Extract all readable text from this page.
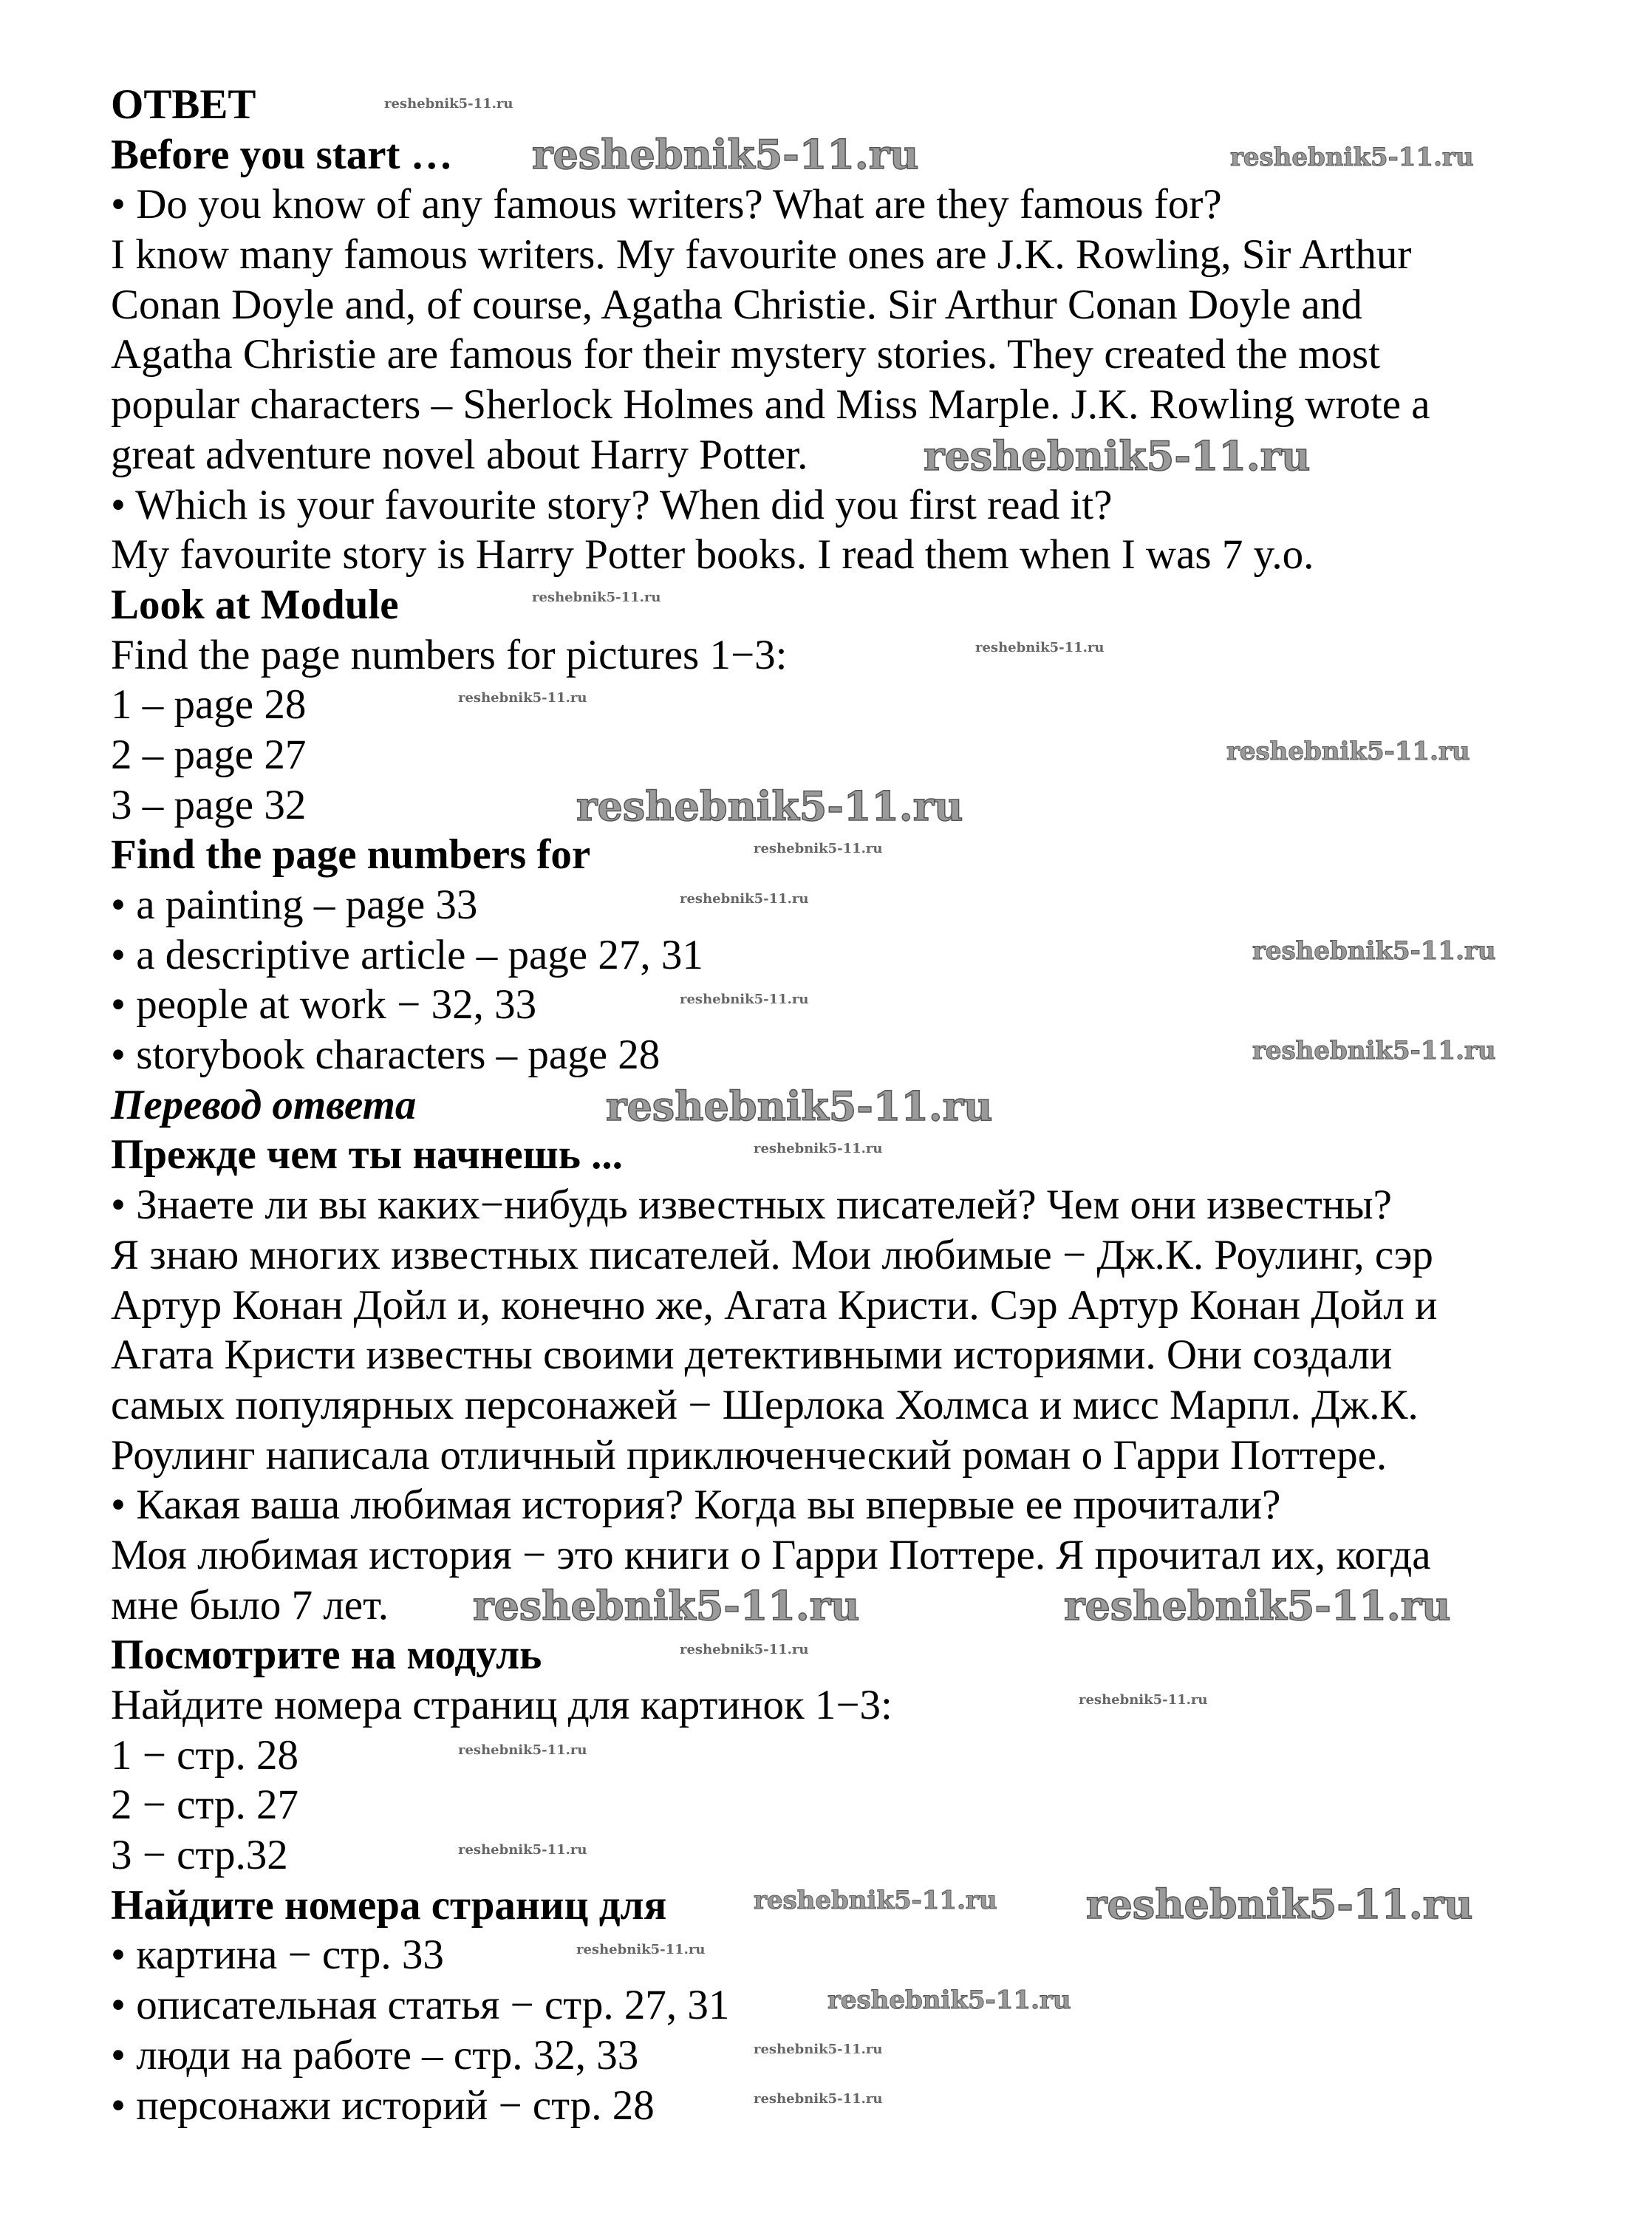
ОТВЕТ
Before you start …
• Do you know of any famous writers? What are they famous for?
I know many famous writers. My favourite ones are J.K. Rowling, Sir Arthur
Conan Doyle and, of course, Agatha Christie. Sir Arthur Conan Doyle and
Agatha Christie are famous for their mystery stories. They created the most
popular characters – Sherlock Holmes and Miss Marple. J.K. Rowling wrote a
great adventure novel about Harry Potter.
• Which is your favourite story? When did you first read it?
My favourite story is Harry Potter books. I read them when I was 7 y.o.
Look at Module
Find the page numbers for pictures 1−3:
1 – page 28
2 – page 27
3 – page 32
Find the page numbers for
• a painting – page 33
• a descriptive article – page 27, 31
• people at work − 32, 33
• storybook characters – page 28
Перевод ответа
Прежде чем ты начнешь ...
• Знаете ли вы каких−нибудь известных писателей? Чем они известны?
Я знаю многих известных писателей. Мои любимые − Дж.К. Роулинг, сэр
Артур Конан Дойл и, конечно же, Агата Кристи. Сэр Артур Конан Дойл и
Агата Кристи известны своими детективными историями. Они создали
самых популярных персонажей − Шерлока Холмса и мисс Марпл. Дж.К.
Роулинг написала отличный приключенческий роман о Гарри Поттере.
• Какая ваша любимая история? Когда вы впервые ее прочитали?
Моя любимая история − это книги о Гарри Поттере. Я прочитал их, когда
мне было 7 лет.
Посмотрите на модуль
Найдите номера страниц для картинок 1−3:
1 − стр. 28
2 − стр. 27
3 − стр.32
Найдите номера страниц для
• картина − стр. 33
• описательная статья − стр. 27, 31
• люди на работе – стр. 32, 33
• персонажи историй − стр. 28
reshebnik5-11.ru
reshebnik5-11.ru	reshebnik5-11.ru
reshebnik5-11.ru
reshebnik5-11.ru
reshebnik5-11.ru
reshebnik5-11.ru
reshebnik5-11.ru
reshebnik5-11.ru
reshebnik5-11.ru
reshebnik5-11.ru
reshebnik5-11.ru
reshebnik5-11.ru
reshebnik5-11.ru
reshebnik5-11.ru
reshebnik5-11.ru
reshebnik5-11.ru	reshebnik5-11.ru
reshebnik5-11.ru
reshebnik5-11.ru
reshebnik5-11.ru
reshebnik5-11.ru
reshebnik5-11.ru reshebnik5-11.ru
reshebnik5-11.ru
reshebnik5-11.ru
reshebnik5-11.ru
reshebnik5-11.ru
